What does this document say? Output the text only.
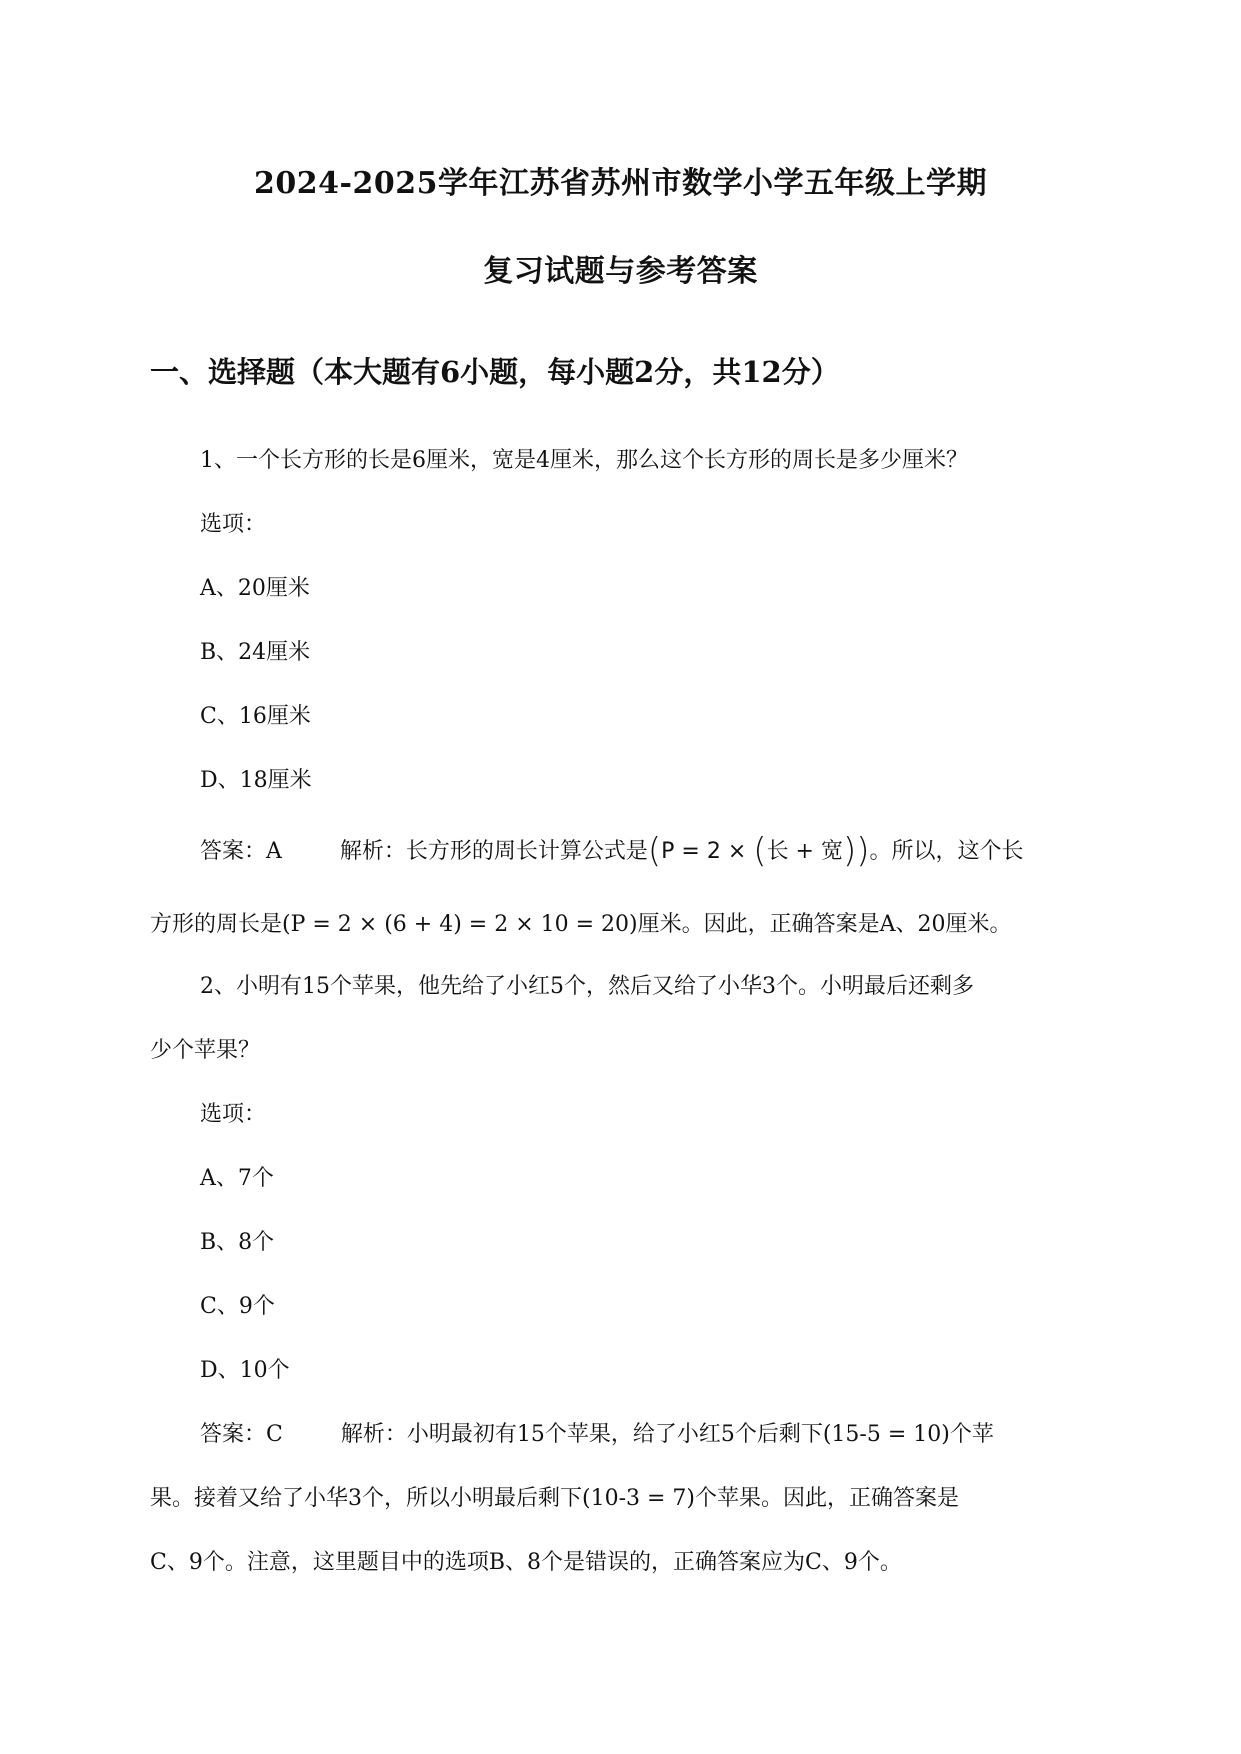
2024-2025学年江苏省苏州市数学小学五年级上学期
复习试题与参考答案
一、选择题（本大题有6小题，每小题2分，共12分）
1、一个长方形的长是6厘米，宽是4厘米，那么这个长方形的周长是多少厘米？
选项：
A、20厘米
B、24厘米
C、16厘米
D、18厘米
答案：A	解析：长方形的周长计算公式是(P = 2 × (长 + 宽))。所以，这个长
方形的周长是(P = 2 × (6 + 4) = 2 × 10 = 20)厘米。因此，正确答案是A、20厘米。
2、小明有15个苹果，他先给了小红5个，然后又给了小华3个。小明最后还剩多
少个苹果？
选项：
A、7个
B、8个
C、9个
D、10个
答案：C	解析：小明最初有15个苹果，给了小红5个后剩下(15-5 = 10)个苹
果。接着又给了小华3个，所以小明最后剩下(10-3 = 7)个苹果。因此，正确答案是
C、9个。注意，这里题目中的选项B、8个是错误的，正确答案应为C、9个。
